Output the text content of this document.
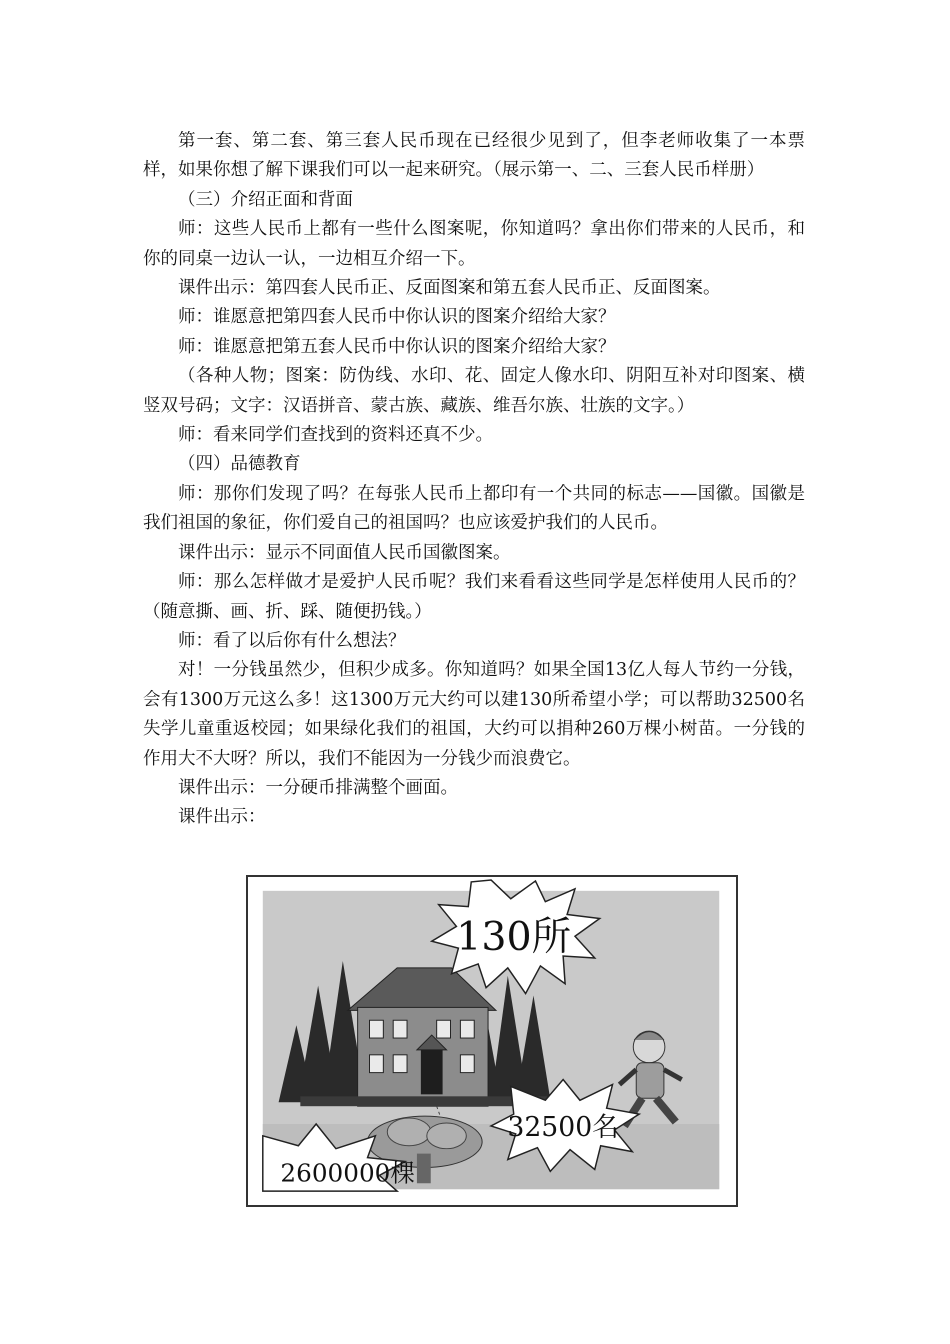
第一套、第二套、第三套人民币现在已经很少见到了，但李老师收集了一本票样，如果你想了解下课我们可以一起来研究。（展示第一、二、三套人民币样册）

（三）介绍正面和背面

师：这些人民币上都有一些什么图案呢，你知道吗？拿出你们带来的人民币，和你的同桌一边认一认，一边相互介绍一下。

课件出示：第四套人民币正、反面图案和第五套人民币正、反面图案。

师：谁愿意把第四套人民币中你认识的图案介绍给大家？

师：谁愿意把第五套人民币中你认识的图案介绍给大家？

（各种人物；图案：防伪线、水印、花、固定人像水印、阴阳互补对印图案、横竖双号码；文字：汉语拼音、蒙古族、藏族、维吾尔族、壮族的文字。）

师：看来同学们查找到的资料还真不少。

（四）品德教育

师：那你们发现了吗？在每张人民币上都印有一个共同的标志——国徽。国徽是我们祖国的象征，你们爱自己的祖国吗？也应该爱护我们的人民币。

课件出示：显示不同面值人民币国徽图案。

师：那么怎样做才是爱护人民币呢？我们来看看这些同学是怎样使用人民币的？（随意撕、画、折、踩、随便扔钱。）

师：看了以后你有什么想法？

对！一分钱虽然少，但积少成多。你知道吗？如果全国13亿人每人节约一分钱，会有1300万元这么多！这1300万元大约可以建130所希望小学；可以帮助32500名失学儿童重返校园；如果绿化我们的祖国，大约可以捐种260万棵小树苗。一分钱的作用大不大呀？所以，我们不能因为一分钱少而浪费它。

课件出示：一分硬币排满整个画面。

课件出示：

130所
32500名
2600000棵
